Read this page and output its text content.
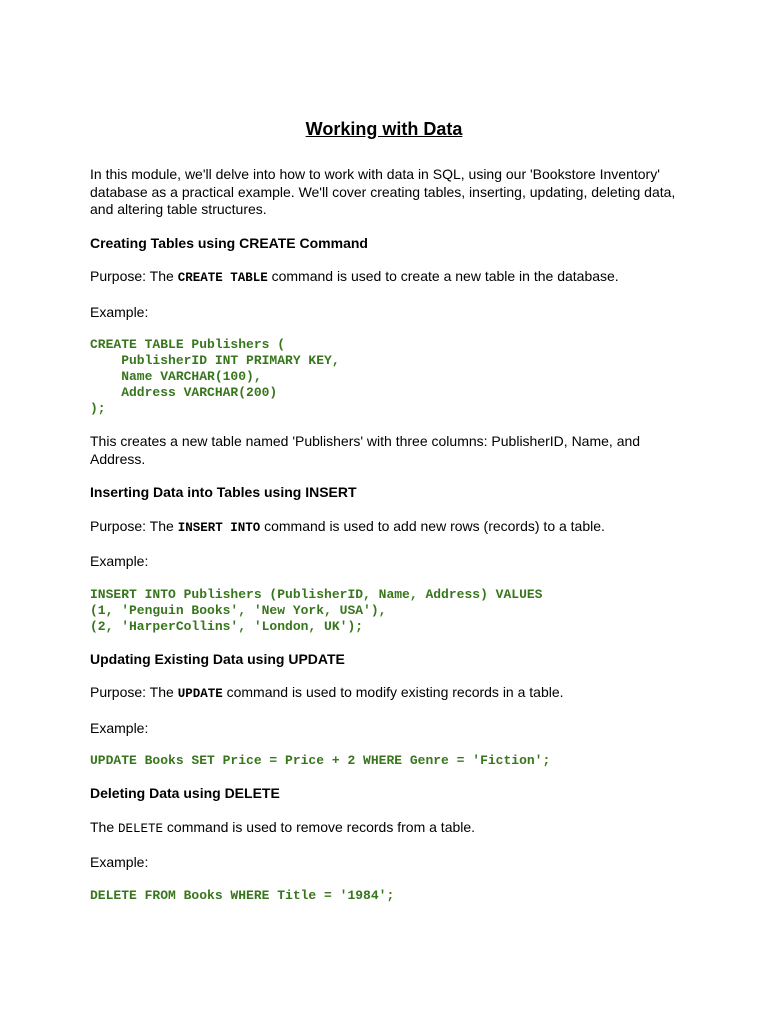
Working with Data

In this module, we'll delve into how to work with data in SQL, using our 'Bookstore Inventory' database as a practical example. We'll cover creating tables, inserting, updating, deleting data, and altering table structures.

Creating Tables using CREATE Command

Purpose: The CREATE TABLE command is used to create a new table in the database.

Example:

CREATE TABLE Publishers (
PublisherID INT PRIMARY KEY,
Name VARCHAR(100),
Address VARCHAR(200)
);

This creates a new table named 'Publishers' with three columns: PublisherID, Name, and Address.

Inserting Data into Tables using INSERT

Purpose: The INSERT INTO command is used to add new rows (records) to a table.

Example:

INSERT INTO Publishers (PublisherID, Name, Address) VALUES
(1, 'Penguin Books', 'New York, USA'),
(2, 'HarperCollins', 'London, UK');
Updating Existing Data using UPDATE

Purpose: The UPDATE command is used to modify existing records in a table.

Example:

UPDATE Books SET Price = Price + 2 WHERE Genre = 'Fiction';
Deleting Data using DELETE

The DELETE command is used to remove records from a table.

Example:

DELETE FROM Books WHERE Title = '1984';
